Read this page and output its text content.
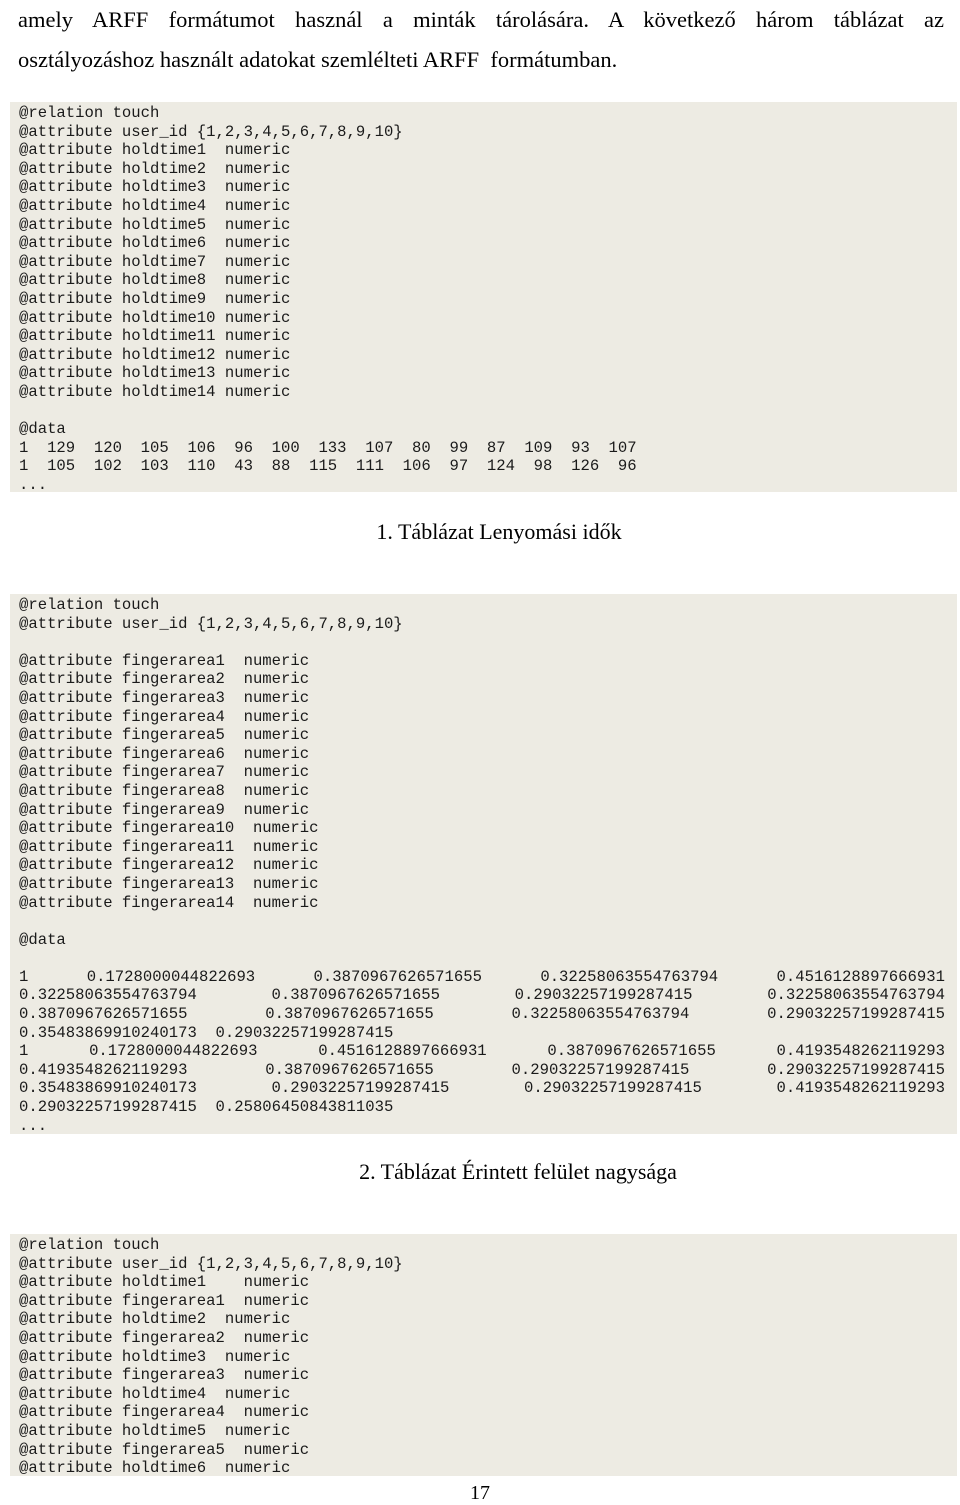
amely ARFF formátumot használ a minták tárolására. A következő három táblázat az
osztályozáshoz használt adatokat szemlélteti ARFF  formátumban.
@relation touch
@attribute user_id {1,2,3,4,5,6,7,8,9,10}
@attribute holdtime1  numeric
@attribute holdtime2  numeric
@attribute holdtime3  numeric
@attribute holdtime4  numeric
@attribute holdtime5  numeric
@attribute holdtime6  numeric
@attribute holdtime7  numeric
@attribute holdtime8  numeric
@attribute holdtime9  numeric
@attribute holdtime10 numeric
@attribute holdtime11 numeric
@attribute holdtime12 numeric
@attribute holdtime13 numeric
@attribute holdtime14 numeric
@data
1  129  120  105  106  96  100  133  107  80  99  87  109  93  107
1  105  102  103  110  43  88  115  111  106  97  124  98  126  96
...
1. Táblázat Lenyomási idők
@relation touch
@attribute user_id {1,2,3,4,5,6,7,8,9,10}
@attribute fingerarea1  numeric
@attribute fingerarea2  numeric
@attribute fingerarea3  numeric
@attribute fingerarea4  numeric
@attribute fingerarea5  numeric
@attribute fingerarea6  numeric
@attribute fingerarea7  numeric
@attribute fingerarea8  numeric
@attribute fingerarea9  numeric
@attribute fingerarea10  numeric
@attribute fingerarea11  numeric
@attribute fingerarea12  numeric
@attribute fingerarea13  numeric
@attribute fingerarea14  numeric
@data
1	0.1728000044822693	0.3870967626571655	0.32258063554763794	0.4516128897666931
0.32258063554763794	0.3870967626571655	0.29032257199287415	0.32258063554763794
0.3870967626571655	0.3870967626571655	0.32258063554763794	0.29032257199287415
0.35483869910240173  0.29032257199287415
1	0.1728000044822693	0.4516128897666931	0.3870967626571655	0.4193548262119293
0.4193548262119293	0.3870967626571655	0.29032257199287415	0.29032257199287415
0.35483869910240173	0.29032257199287415	0.29032257199287415	0.4193548262119293
0.29032257199287415  0.25806450843811035
...
2. Táblázat Érintett felület nagysága
@relation touch
@attribute user_id {1,2,3,4,5,6,7,8,9,10}
@attribute holdtime1    numeric
@attribute fingerarea1  numeric
@attribute holdtime2  numeric
@attribute fingerarea2  numeric
@attribute holdtime3  numeric
@attribute fingerarea3  numeric
@attribute holdtime4  numeric
@attribute fingerarea4  numeric
@attribute holdtime5  numeric
@attribute fingerarea5  numeric
@attribute holdtime6  numeric
17
